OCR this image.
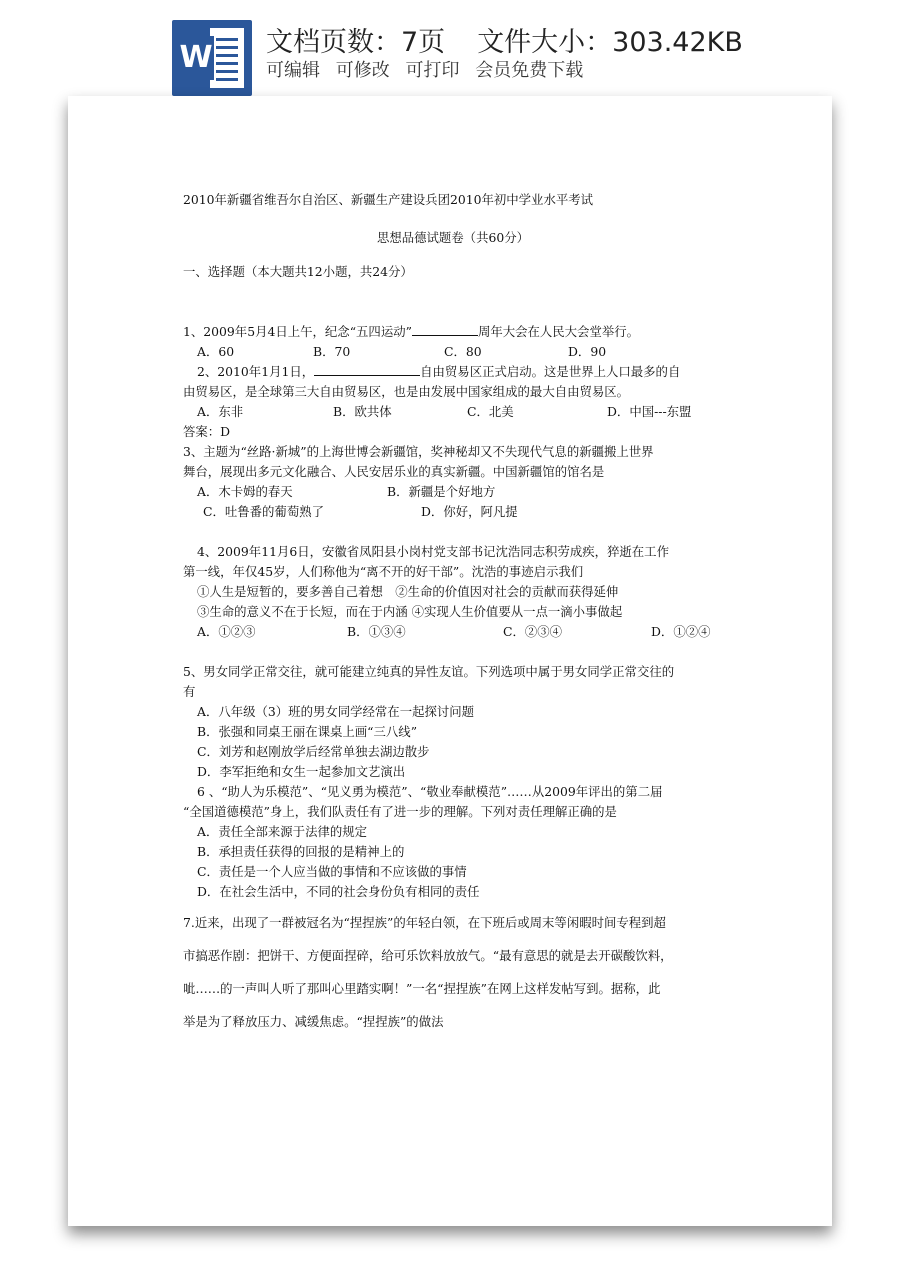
W 文档页数：7页 文件大小：303.42KB
可编辑 可修改 可打印 会员免费下载

2010年新疆省维吾尔自治区、新疆生产建设兵团2010年初中学业水平考试

思想品德试题卷（共60分）

一、选择题（本大题共12小题，共24分）

1、2009年5月4日上午，纪念“五四运动”	周年大会在人民大会堂举行。

A．60	B．70	C．80	D．90

2、2010年1月1日，	自由贸易区正式启动。这是世界上人口最多的自

由贸易区，是全球第三大自由贸易区，也是由发展中国家组成的最大自由贸易区。

A．东非	B．欧共体	C．北美	D．中国---东盟

答案：D

3、主题为“丝路·新城”的上海世博会新疆馆，奖神秘却又不失现代气息的新疆搬上世界

舞台，展现出多元文化融合、人民安居乐业的真实新疆。中国新疆馆的馆名是

A．木卡姆的春天	B．新疆是个好地方

C．吐鲁番的葡萄熟了	D．你好，阿凡提

4、2009年11月6日，安徽省凤阳县小岗村党支部书记沈浩同志积劳成疾，猝逝在工作

第一线，年仅45岁，人们称他为“离不开的好干部”。沈浩的事迹启示我们

①人生是短暂的，要多善自己着想　②生命的价值因对社会的贡献而获得延伸

③生命的意义不在于长短，而在于内涵 ④实现人生价值要从一点一滴小事做起

A．①②③	B．①③④	C．②③④	D．①②④

5、男女同学正常交往，就可能建立纯真的异性友谊。下列选项中属于男女同学正常交往的

有

A．八年级（3）班的男女同学经常在一起探讨问题

B．张强和同桌王丽在课桌上画“三八线”

C．刘芳和赵刚放学后经常单独去湖边散步

D．李军拒绝和女生一起参加文艺演出

6 、“助人为乐模范”、“见义勇为模范”、“敬业奉献模范”……从2009年评出的第二届

“全国道德模范”身上，我们队责任有了进一步的理解。下列对责任理解正确的是

A．责任全部来源于法律的规定

B．承担责任获得的回报的是精神上的

C．责任是一个人应当做的事情和不应该做的事情

D．在社会生活中，不同的社会身份负有相同的责任

7.近来，出现了一群被冠名为“捏捏族”的年轻白领，在下班后或周末等闲暇时间专程到超

市搞恶作剧：把饼干、方便面捏碎，给可乐饮料放放气。“最有意思的就是去开碳酸饮料，

呲……的一声叫人听了那叫心里踏实啊！”一名“捏捏族”在网上这样发帖写到。据称，此

举是为了释放压力、减缓焦虑。“捏捏族”的做法
